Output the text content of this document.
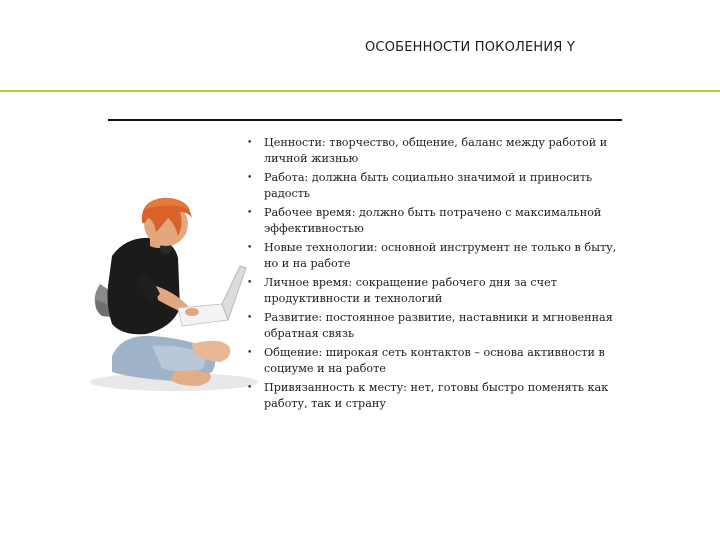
ОСОБЕННОСТИ ПОКОЛЕНИЯ Y
•	Ценности: творчество, общение, баланс между работой и личной жизнью
•	Работа: должна быть социально значимой и приносить радость
•	Рабочее время: должно быть потрачено с максимальной эффективностью
•	Новые технологии: основной инструмент не только в быту, но и на работе
•	Личное время: сокращение рабочего дня за счет продуктивности и технологий
•	Развитие: постоянное развитие, наставники и мгновенная обратная связь
•	Общение: широкая сеть контактов – основа активности в социуме и на работе
•	Привязанность к месту: нет, готовы быстро поменять как работу, так и страну
